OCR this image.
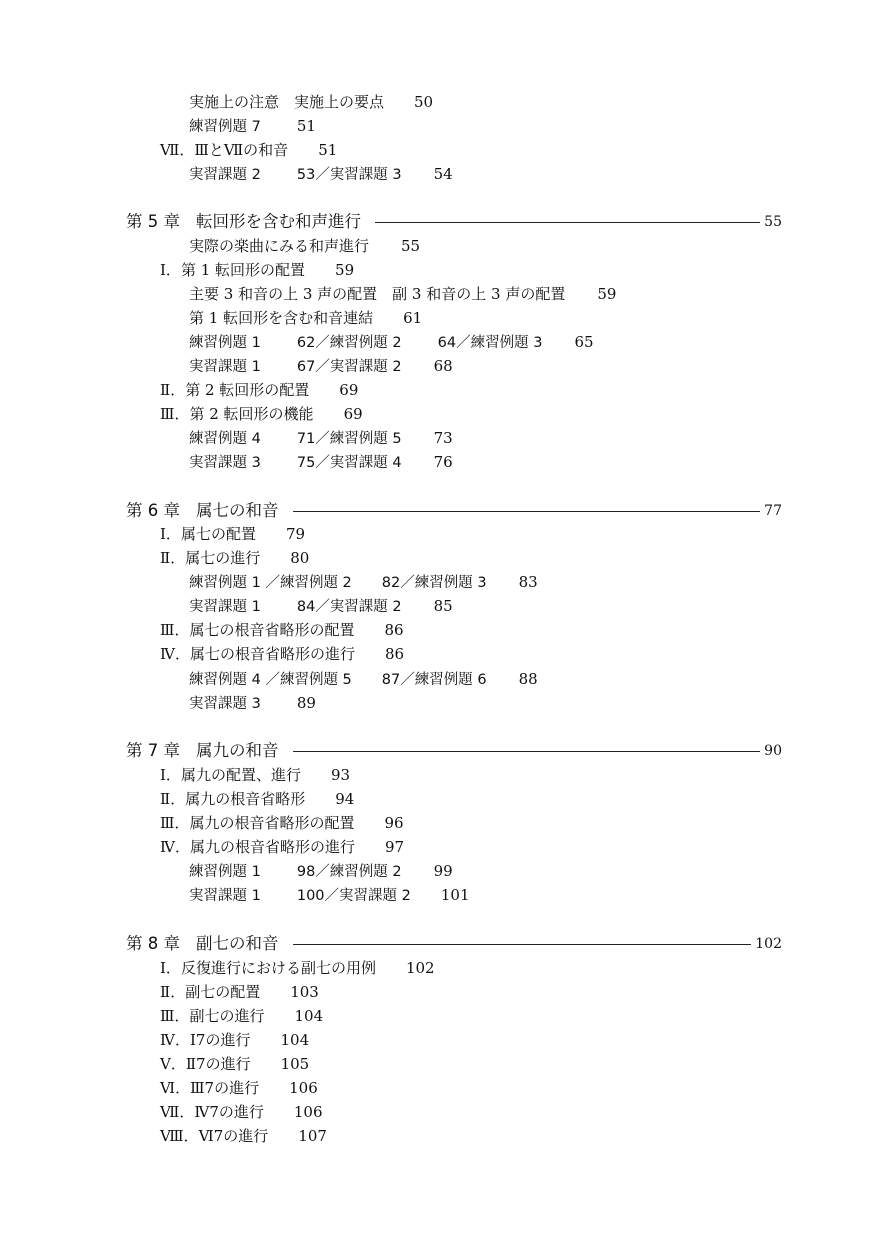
実施上の注意　実施上の要点 50
練習例題 7 51
Ⅶ．ⅢとⅦの和音 51
実習課題 2 53／実習課題 3 54
第 5 章 転回形を含む和声進行	55
実際の楽曲にみる和声進行 55
Ⅰ．第 1 転回形の配置 59
主要 3 和音の上 3 声の配置　副 3 和音の上 3 声の配置 59
第 1 転回形を含む和音連結 61
練習例題 1 62／練習例題 2 64／練習例題 3 65
実習課題 1 67／実習課題 2 68
Ⅱ．第 2 転回形の配置 69
Ⅲ．第 2 転回形の機能 69
練習例題 4 71／練習例題 5 73
実習課題 3 75／実習課題 4 76
第 6 章 属七の和音	77
Ⅰ．属七の配置 79
Ⅱ．属七の進行 80
練習例題 1 ／練習例題 2 82／練習例題 3 83
実習課題 1 84／実習課題 2 85
Ⅲ．属七の根音省略形の配置 86
Ⅳ．属七の根音省略形の進行 86
練習例題 4 ／練習例題 5 87／練習例題 6 88
実習課題 3 89
第 7 章 属九の和音	90
Ⅰ．属九の配置、進行 93
Ⅱ．属九の根音省略形 94
Ⅲ．属九の根音省略形の配置 96
Ⅳ．属九の根音省略形の進行 97
練習例題 1 98／練習例題 2 99
実習課題 1 100／実習課題 2 101
第 8 章 副七の和音	102
Ⅰ．反復進行における副七の用例 102
Ⅱ．副七の配置 103
Ⅲ．副七の進行 104
Ⅳ．Ⅰ7の進行 104
Ⅴ．Ⅱ7の進行 105
Ⅵ．Ⅲ7の進行 106
Ⅶ．Ⅳ7の進行 106
Ⅷ．Ⅵ7の進行 107
